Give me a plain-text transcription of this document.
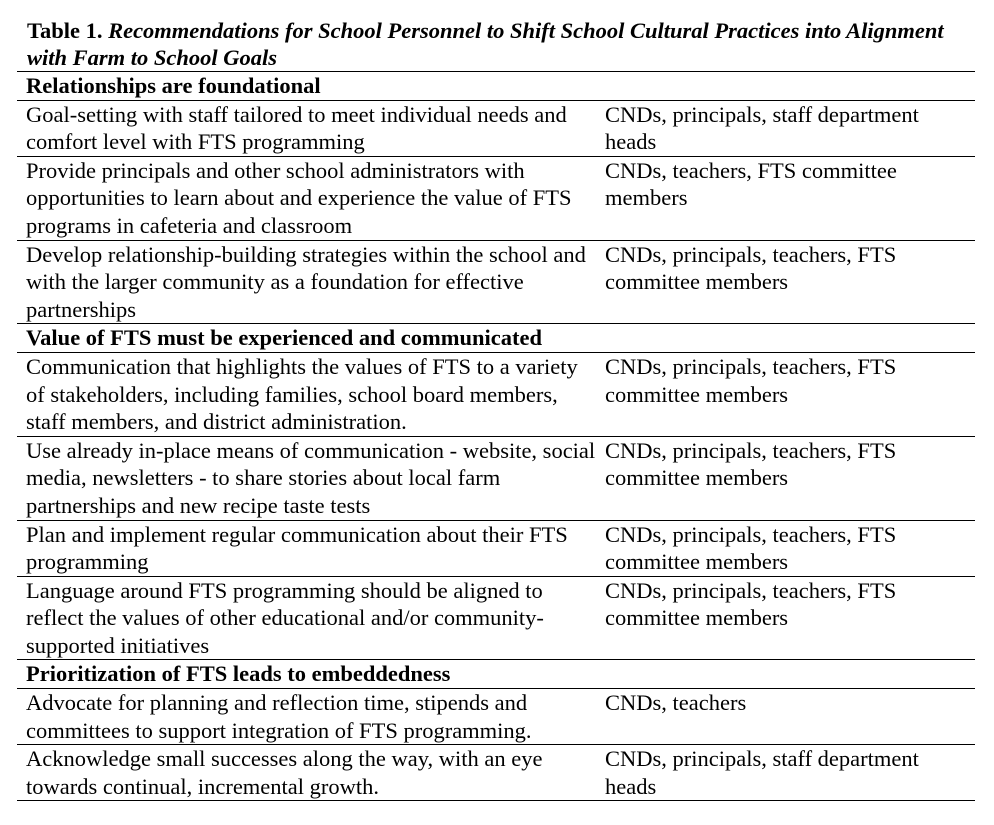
Table 1. Recommendations for School Personnel to Shift School Cultural Practices into Alignment with Farm to School Goals
Relationships are foundational	
Goal-setting with staff tailored to meet individual needs and comfort level with FTS programming	CNDs, principals, staff department heads
Provide principals and other school administrators with opportunities to learn about and experience the value of FTS programs in cafeteria and classroom	CNDs, teachers, FTS committee members
Develop relationship-building strategies within the school and with the larger community as a foundation for effective partnerships	CNDs, principals, teachers, FTS committee members
Value of FTS must be experienced and communicated	
Communication that highlights the values of FTS to a variety of stakeholders, including families, school board members, staff members, and district administration.	CNDs, principals, teachers, FTS committee members
Use already in-place means of communication - website, social media, newsletters - to share stories about local farm partnerships and new recipe taste tests	CNDs, principals, teachers, FTS committee members
Plan and implement regular communication about their FTS programming	CNDs, principals, teachers, FTS committee members
Language around FTS programming should be aligned to reflect the values of other educational and/or community-supported initiatives	CNDs, principals, teachers, FTS committee members
Prioritization of FTS leads to embeddedness	
Advocate for planning and reflection time, stipends and committees to support integration of FTS programming.	CNDs, teachers
Acknowledge small successes along the way, with an eye towards continual, incremental growth.	CNDs, principals, staff department heads
